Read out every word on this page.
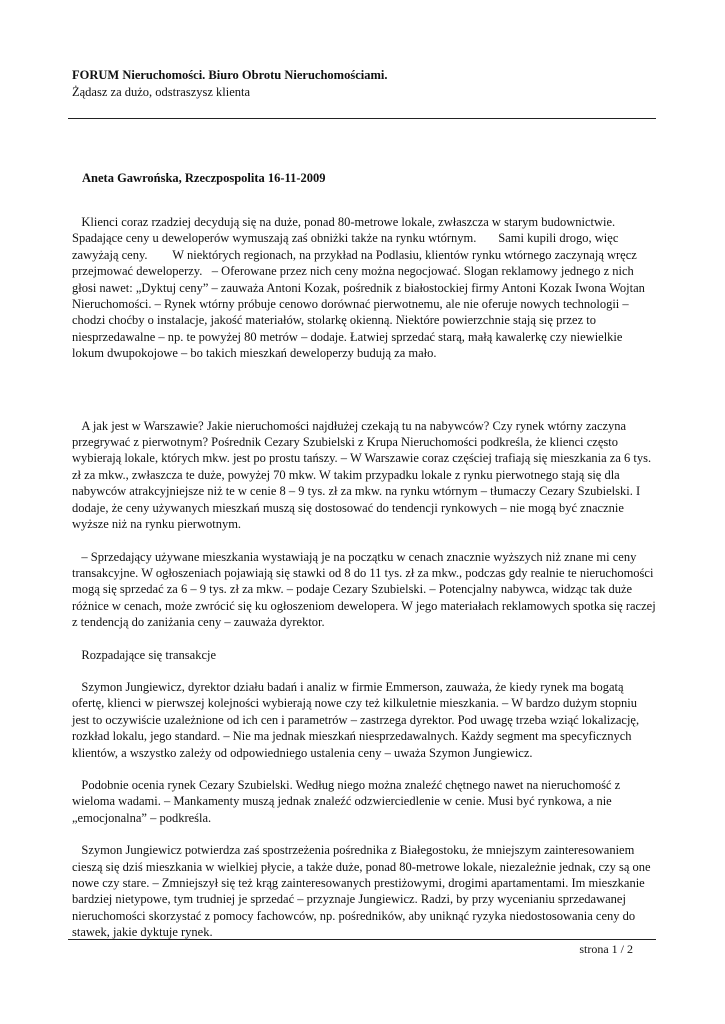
FORUM Nieruchomości. Biuro Obrotu Nieruchomościami.
Żądasz za dużo, odstraszysz klienta
Aneta Gawrońska, Rzeczpospolita 16-11-2009

Klienci coraz rzadziej decydują się na duże, ponad 80-metrowe lokale, zwłaszcza w starym budownictwie. Spadające ceny u deweloperów wymuszają zaś obniżki także na rynku wtórnym.       Sami kupili drogo, więc zawyżają ceny.        W niektórych regionach, na przykład na Podlasiu, klientów rynku wtórnego zaczynają wręcz przejmować deweloperzy.   – Oferowane przez nich ceny można negocjować. Slogan reklamowy jednego z nich głosi nawet: „Dyktuj ceny” – zauważa Antoni Kozak, pośrednik z białostockiej firmy Antoni Kozak Iwona Wojtan Nieruchomości. – Rynek wtórny próbuje cenowo dorównać pierwotnemu, ale nie oferuje nowych technologii – chodzi choćby o instalacje, jakość materiałów, stolarkę okienną. Niektóre powierzchnie stają się przez to niesprzedawalne – np. te powyżej 80 metrów – dodaje. Łatwiej sprzedać starą, małą kawalerkę czy niewielkie lokum dwupokojowe – bo takich mieszkań deweloperzy budują za mało.

A jak jest w Warszawie? Jakie nieruchomości najdłużej czekają tu na nabywców? Czy rynek wtórny zaczyna przegrywać z pierwotnym? Pośrednik Cezary Szubielski z Krupa Nieruchomości podkreśla, że klienci często wybierają lokale, których mkw. jest po prostu tańszy. – W Warszawie coraz częściej trafiają się mieszkania za 6 tys. zł za mkw., zwłaszcza te duże, powyżej 70 mkw. W takim przypadku lokale z rynku pierwotnego stają się dla nabywców atrakcyjniejsze niż te w cenie 8 – 9 tys. zł za mkw. na rynku wtórnym – tłumaczy Cezary Szubielski. I dodaje, że ceny używanych mieszkań muszą się dostosować do tendencji rynkowych – nie mogą być znacznie wyższe niż na rynku pierwotnym.

– Sprzedający używane mieszkania wystawiają je na początku w cenach znacznie wyższych niż znane mi ceny transakcyjne. W ogłoszeniach pojawiają się stawki od 8 do 11 tys. zł za mkw., podczas gdy realnie te nieruchomości mogą się sprzedać za 6 – 9 tys. zł za mkw. – podaje Cezary Szubielski. – Potencjalny nabywca, widząc tak duże różnice w cenach, może zwrócić się ku ogłoszeniom dewelopera. W jego materiałach reklamowych spotka się raczej z tendencją do zaniżania ceny – zauważa dyrektor.

Rozpadające się transakcje

Szymon Jungiewicz, dyrektor działu badań i analiz w firmie Emmerson, zauważa, że kiedy rynek ma bogatą ofertę, klienci w pierwszej kolejności wybierają nowe czy też kilkuletnie mieszkania. – W bardzo dużym stopniu jest to oczywiście uzależnione od ich cen i parametrów – zastrzega dyrektor. Pod uwagę trzeba wziąć lokalizację, rozkład lokalu, jego standard. – Nie ma jednak mieszkań niesprzedawalnych. Każdy segment ma specyficznych klientów, a wszystko zależy od odpowiedniego ustalenia ceny – uważa Szymon Jungiewicz.

Podobnie ocenia rynek Cezary Szubielski. Według niego można znaleźć chętnego nawet na nieruchomość z wieloma wadami. – Mankamenty muszą jednak znaleźć odzwierciedlenie w cenie. Musi być rynkowa, a nie „emocjonalna” – podkreśla.

Szymon Jungiewicz potwierdza zaś spostrzeżenia pośrednika z Białegostoku, że mniejszym zainteresowaniem cieszą się dziś mieszkania w wielkiej płycie, a także duże, ponad 80-metrowe lokale, niezależnie jednak, czy są one nowe czy stare. – Zmniejszył się też krąg zainteresowanych prestiżowymi, drogimi apartamentami. Im mieszkanie bardziej nietypowe, tym trudniej je sprzedać – przyznaje Jungiewicz. Radzi, by przy wycenianiu sprzedawanej nieruchomości skorzystać z pomocy fachowców, np. pośredników, aby uniknąć ryzyka niedostosowania ceny do stawek, jakie dyktuje rynek.

strona 1 / 2
